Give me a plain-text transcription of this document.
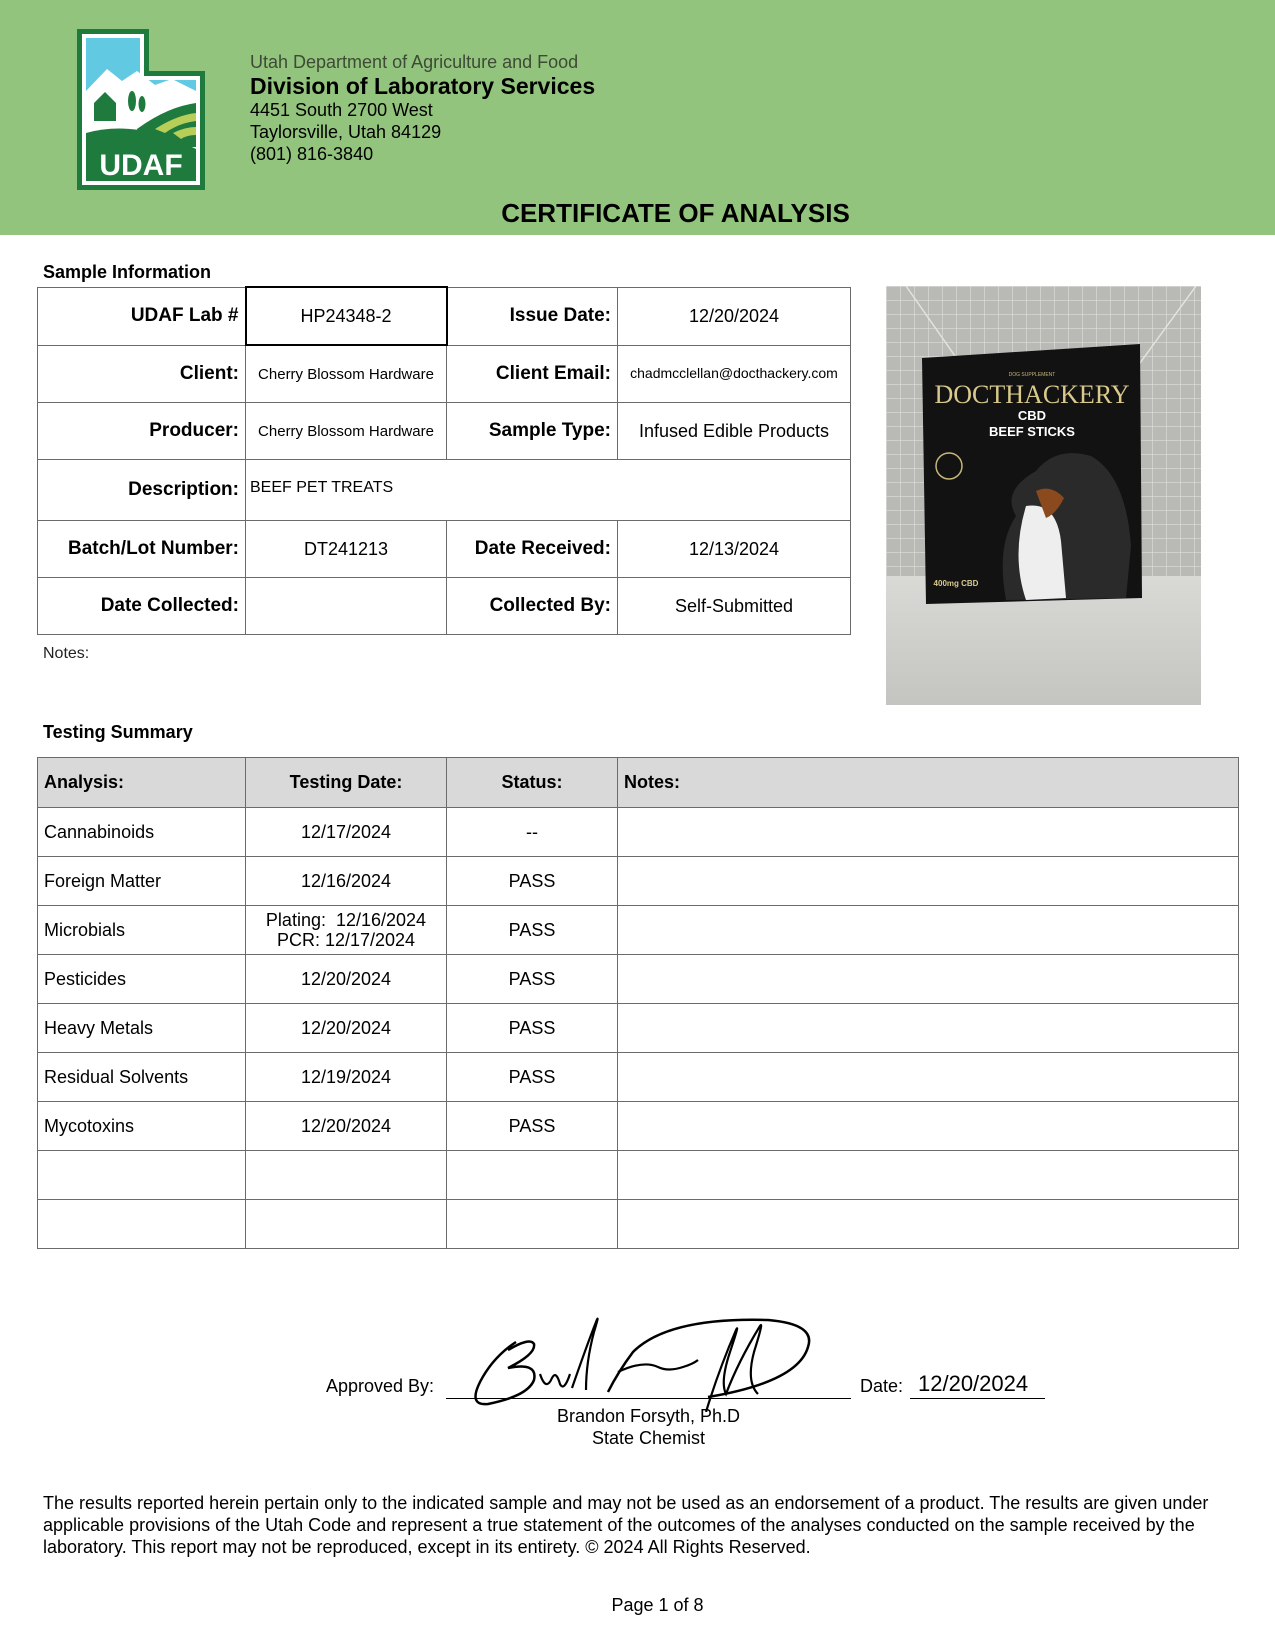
UDAF
Utah Department of Agriculture and Food
Division of Laboratory Services
4451 South 2700 West
Taylorsville, Utah 84129
(801) 816-3840
CERTIFICATE OF ANALYSIS
Sample Information
UDAF Lab #	HP24348-2	Issue Date:	12/20/2024
Client:	Cherry Blossom Hardware	Client Email:	chadmcclellan@docthackery.com
Producer:	Cherry Blossom Hardware	Sample Type:	Infused Edible Products
Description:	BEEF PET TREATS		
Batch/Lot Number:	DT241213	Date Received:	12/13/2024
Date Collected:		Collected By:	Self-Submitted
Notes:
DOG SUPPLEMENT
DOCTHACKERY
CBD
BEEF STICKS
400mg CBD
Testing Summary
Analysis:	Testing Date:	Status:	Notes:
Cannabinoids	12/17/2024	--	
Foreign Matter	12/16/2024	PASS	
Microbials	Plating:  12/16/2024
PCR: 12/17/2024	PASS	
Pesticides	12/20/2024	PASS	
Heavy Metals	12/20/2024	PASS	
Residual Solvents	12/19/2024	PASS	
Mycotoxins	12/20/2024	PASS	

Approved By:
Brandon Forsyth, Ph.D
State Chemist
Date: 12/20/2024
The results reported herein pertain only to the indicated sample and may not be used as an endorsement of a product. The results are given under applicable provisions of the Utah Code and represent a true statement of the outcomes of the analyses conducted on the sample received by the laboratory. This report may not be reproduced, except in its entirety. © 2024 All Rights Reserved.
Page 1 of 8
